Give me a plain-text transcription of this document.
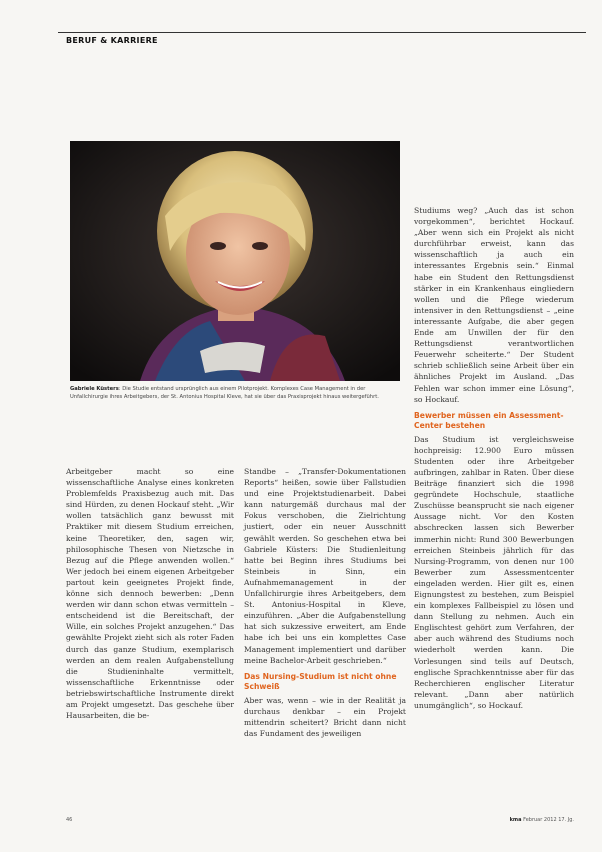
BERUF & KARRIERE
Gabriele Küsters: Die Studie entstand ursprünglich aus einem Pilotprojekt. Komplexes Case Management in der Unfallchirurgie ihres Arbeitgebers, der St. Antonius Hospital Kleve, hat sie über das Praxisprojekt hinaus weitergeführt.

Arbeitgeber macht so eine wissenschaftliche Analyse eines konkreten Problemfelds Praxisbezug auch mit. Das sind Hürden, zu denen Hockauf steht. „Wir wollen tatsächlich ganz bewusst mit Praktiker mit diesem Studium erreichen, keine Theoretiker, den, sagen wir, philosophische Thesen von Nietzsche in Bezug auf die Pflege anwenden wollen.“ Wer jedoch bei einem eigenen Arbeitgeber partout kein geeignetes Projekt finde, könne sich dennoch bewerben: „Denn werden wir dann schon etwas vermitteln – entscheidend ist die Bereitschaft, der Wille, ein solches Projekt anzugehen.“ Das gewählte Projekt zieht sich als roter Faden durch das ganze Studium, exemplarisch werden an dem realen Aufgabenstellung die Studieninhalte vermittelt, wissenschaftliche Erkenntnisse oder betriebswirtschaftliche Instrumente direkt am Projekt umgesetzt. Das geschehe über Hausarbeiten, die be-

Standbe – „Transfer-Dokumentationen Reports“ heißen, sowie über Fallstudien und eine Projektstudienarbeit. Dabei kann naturgemäß durchaus mal der Fokus verschoben, die Zielrichtung justiert, oder ein neuer Ausschnitt gewählt werden. So geschehen etwa bei Gabriele Küsters: Die Studienleitung hatte bei Beginn ihres Studiums bei Steinbeis in Sinn, ein Aufnahmemanagement in der Unfallchirurgie ihres Arbeitgebers, dem St. Antonius-Hospital in Kleve, einzuführen. „Aber die Aufgabenstellung hat sich sukzessive erweitert, am Ende habe ich bei uns ein komplettes Case Management implementiert und darüber meine Bachelor-Arbeit geschrieben.“

Das Nursing-Studium ist nicht ohne Schweiß

Aber was, wenn – wie in der Realität ja durchaus denkbar – ein Projekt mittendrin scheitert? Bricht dann nicht das Fundament des jeweiligen

Studiums weg? „Auch das ist schon vorgekommen“, berichtet Hockauf. „Aber wenn sich ein Projekt als nicht durchführbar erweist, kann das wissenschaftlich ja auch ein interessantes Ergebnis sein.“ Einmal habe ein Student den Rettungsdienst stärker in ein Krankenhaus eingliedern wollen und die Pflege wiederum intensiver in den Rettungsdienst – „eine interessante Aufgabe, die aber gegen Ende am Unwillen der für den Rettungsdienst verantwortlichen Feuerwehr scheiterte.“ Der Student schrieb schließlich seine Arbeit über ein ähnliches Projekt im Ausland. „Das Fehlen war schon immer eine Lösung“, so Hockauf.

Bewerber müssen ein Assessment-Center bestehen

Das Studium ist vergleichsweise hochpreisig: 12.900 Euro müssen Studenten oder ihre Arbeitgeber aufbringen, zahlbar in Raten. Über diese Beiträge finanziert sich die 1998 gegründete Hochschule, staatliche Zuschüsse beansprucht sie nach eigener Aussage nicht. Vor den Kosten abschrecken lassen sich Bewerber immerhin nicht: Rund 300 Bewerbungen erreichen Steinbeis jährlich für das Nursing-Programm, von denen nur 100 Bewerber zum Assessmentcenter eingeladen werden. Hier gilt es, einen Eignungstest zu bestehen, zum Beispiel ein komplexes Fallbeispiel zu lösen und dann Stellung zu nehmen. Auch ein Englischtest gehört zum Verfahren, der aber auch während des Studiums noch wiederholt werden kann. Die Vorlesungen sind teils auf Deutsch, englische Sprachkenntnisse aber für das Recherchieren englischer Literatur relevant. „Dann aber natürlich unumgänglich“, so Hockauf.

46	kma Februar 2012 17. Jg.
